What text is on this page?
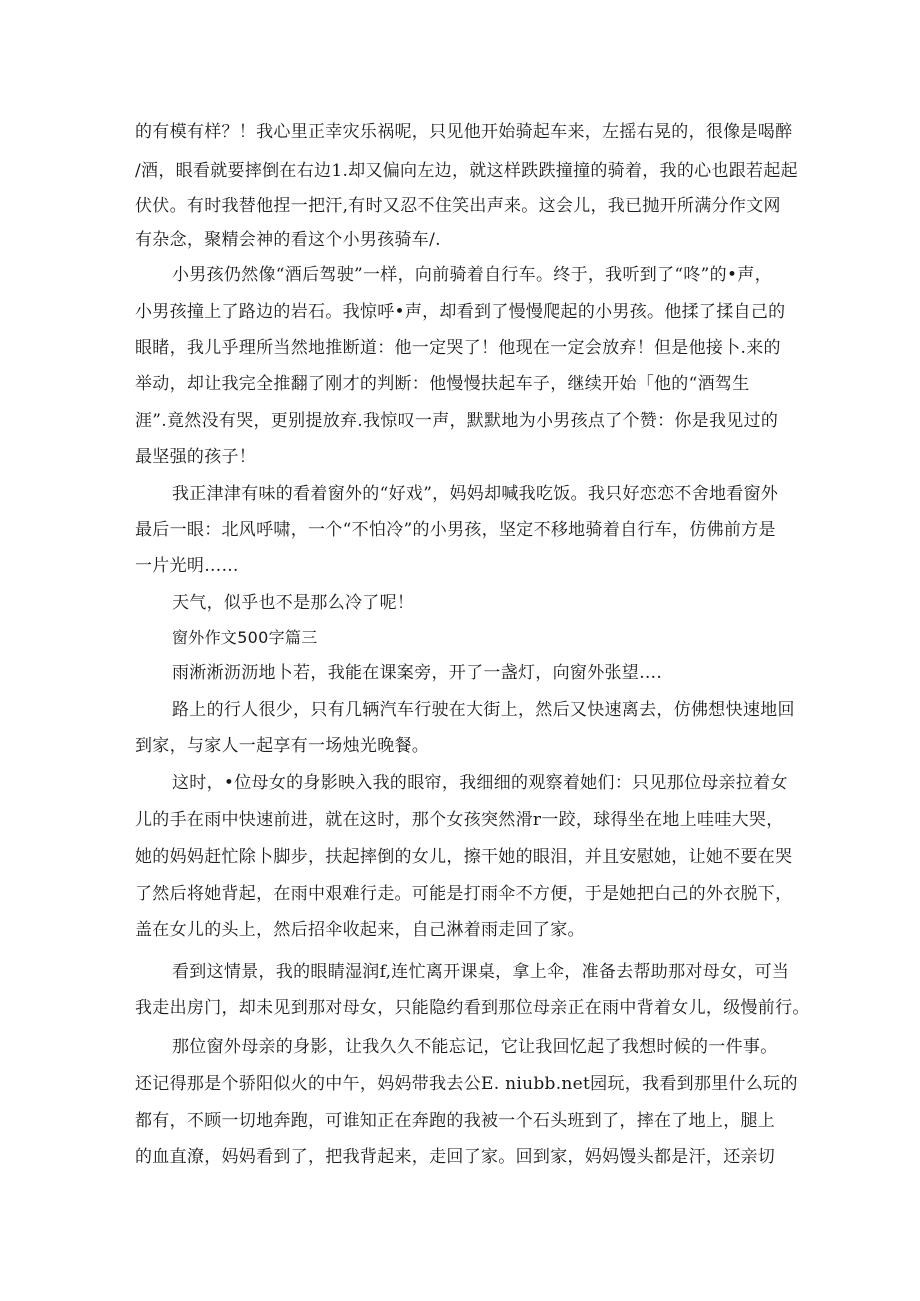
的有模有样？！我心里正幸灾乐祸呢，只见他开始骑起车来，左摇右晃的，很像是喝醉
/酒，眼看就要摔倒在右边1.却又偏向左边，就这样跌跌撞撞的骑着，我的心也跟若起起
伏伏。有时我替他捏一把汗,有时又忍不住笑出声来。这会儿，我已抛开所满分作文网
有杂念，聚精会神的看这个小男孩骑车/.
小男孩仍然像“酒后驾驶”一样，向前骑着自行车。终于，我听到了“咚”的•声，
小男孩撞上了路边的岩石。我惊呼•声，却看到了慢慢爬起的小男孩。他揉了揉自己的
眼睹，我儿乎理所当然地推断道：他一定哭了！他现在一定会放弃！但是他接卜.来的
举动，却让我完全推翻了刚才的判断：他慢慢扶起车子，继续开始「他的“酒驾生
涯”.竟然没有哭，更别提放弃.我惊叹一声，默默地为小男孩点了个赞：你是我见过的
最坚强的孩子！
我正津津有味的看着窗外的“好戏”，妈妈却喊我吃饭。我只好恋恋不舍地看窗外
最后一眼：北风呼啸，一个“不怕冷”的小男孩，坚定不移地骑着自行车，仿佛前方是
一片光明……
天气，似乎也不是那么冷了呢！
窗外作文500字篇三
雨淅淅沥沥地卜若，我能在课案旁，开了一盏灯，向窗外张望….
路上的行人很少，只有几辆汽车行驶在大街上，然后又快速离去，仿佛想快速地回
到家，与家人一起享有一场烛光晚餐。
这时，•位母女的身影映入我的眼帘，我细细的观察着她们：只见那位母亲拉着女
儿的手在雨中快速前进，就在这时，那个女孩突然滑r一跤，球得坐在地上哇哇大哭，
她的妈妈赶忙除卜脚步，扶起摔倒的女儿，擦干她的眼泪，并且安慰她，让她不要在哭
了然后将她背起，在雨中艰难行走。可能是打雨伞不方便，于是她把白己的外衣脱下，
盖在女儿的头上，然后招伞收起来，自己淋着雨走回了家。
看到这情景，我的眼睛湿润f,连忙离开课桌，拿上伞，准备去帮助那对母女，可当
我走出房门，却未见到那对母女，只能隐约看到那位母亲正在雨中背着女儿，级慢前行。
那位窗外母亲的身影，让我久久不能忘记，它让我回忆起了我想时候的一件事。
还记得那是个骄阳似火的中午，妈妈带我去公E. niubb.net园玩，我看到那里什么玩的
都有，不顾一切地奔跑，可谁知正在奔跑的我被一个石头班到了，摔在了地上，腿上
的血直潦，妈妈看到了，把我背起来，走回了家。回到家，妈妈馒头都是汗，还亲切
